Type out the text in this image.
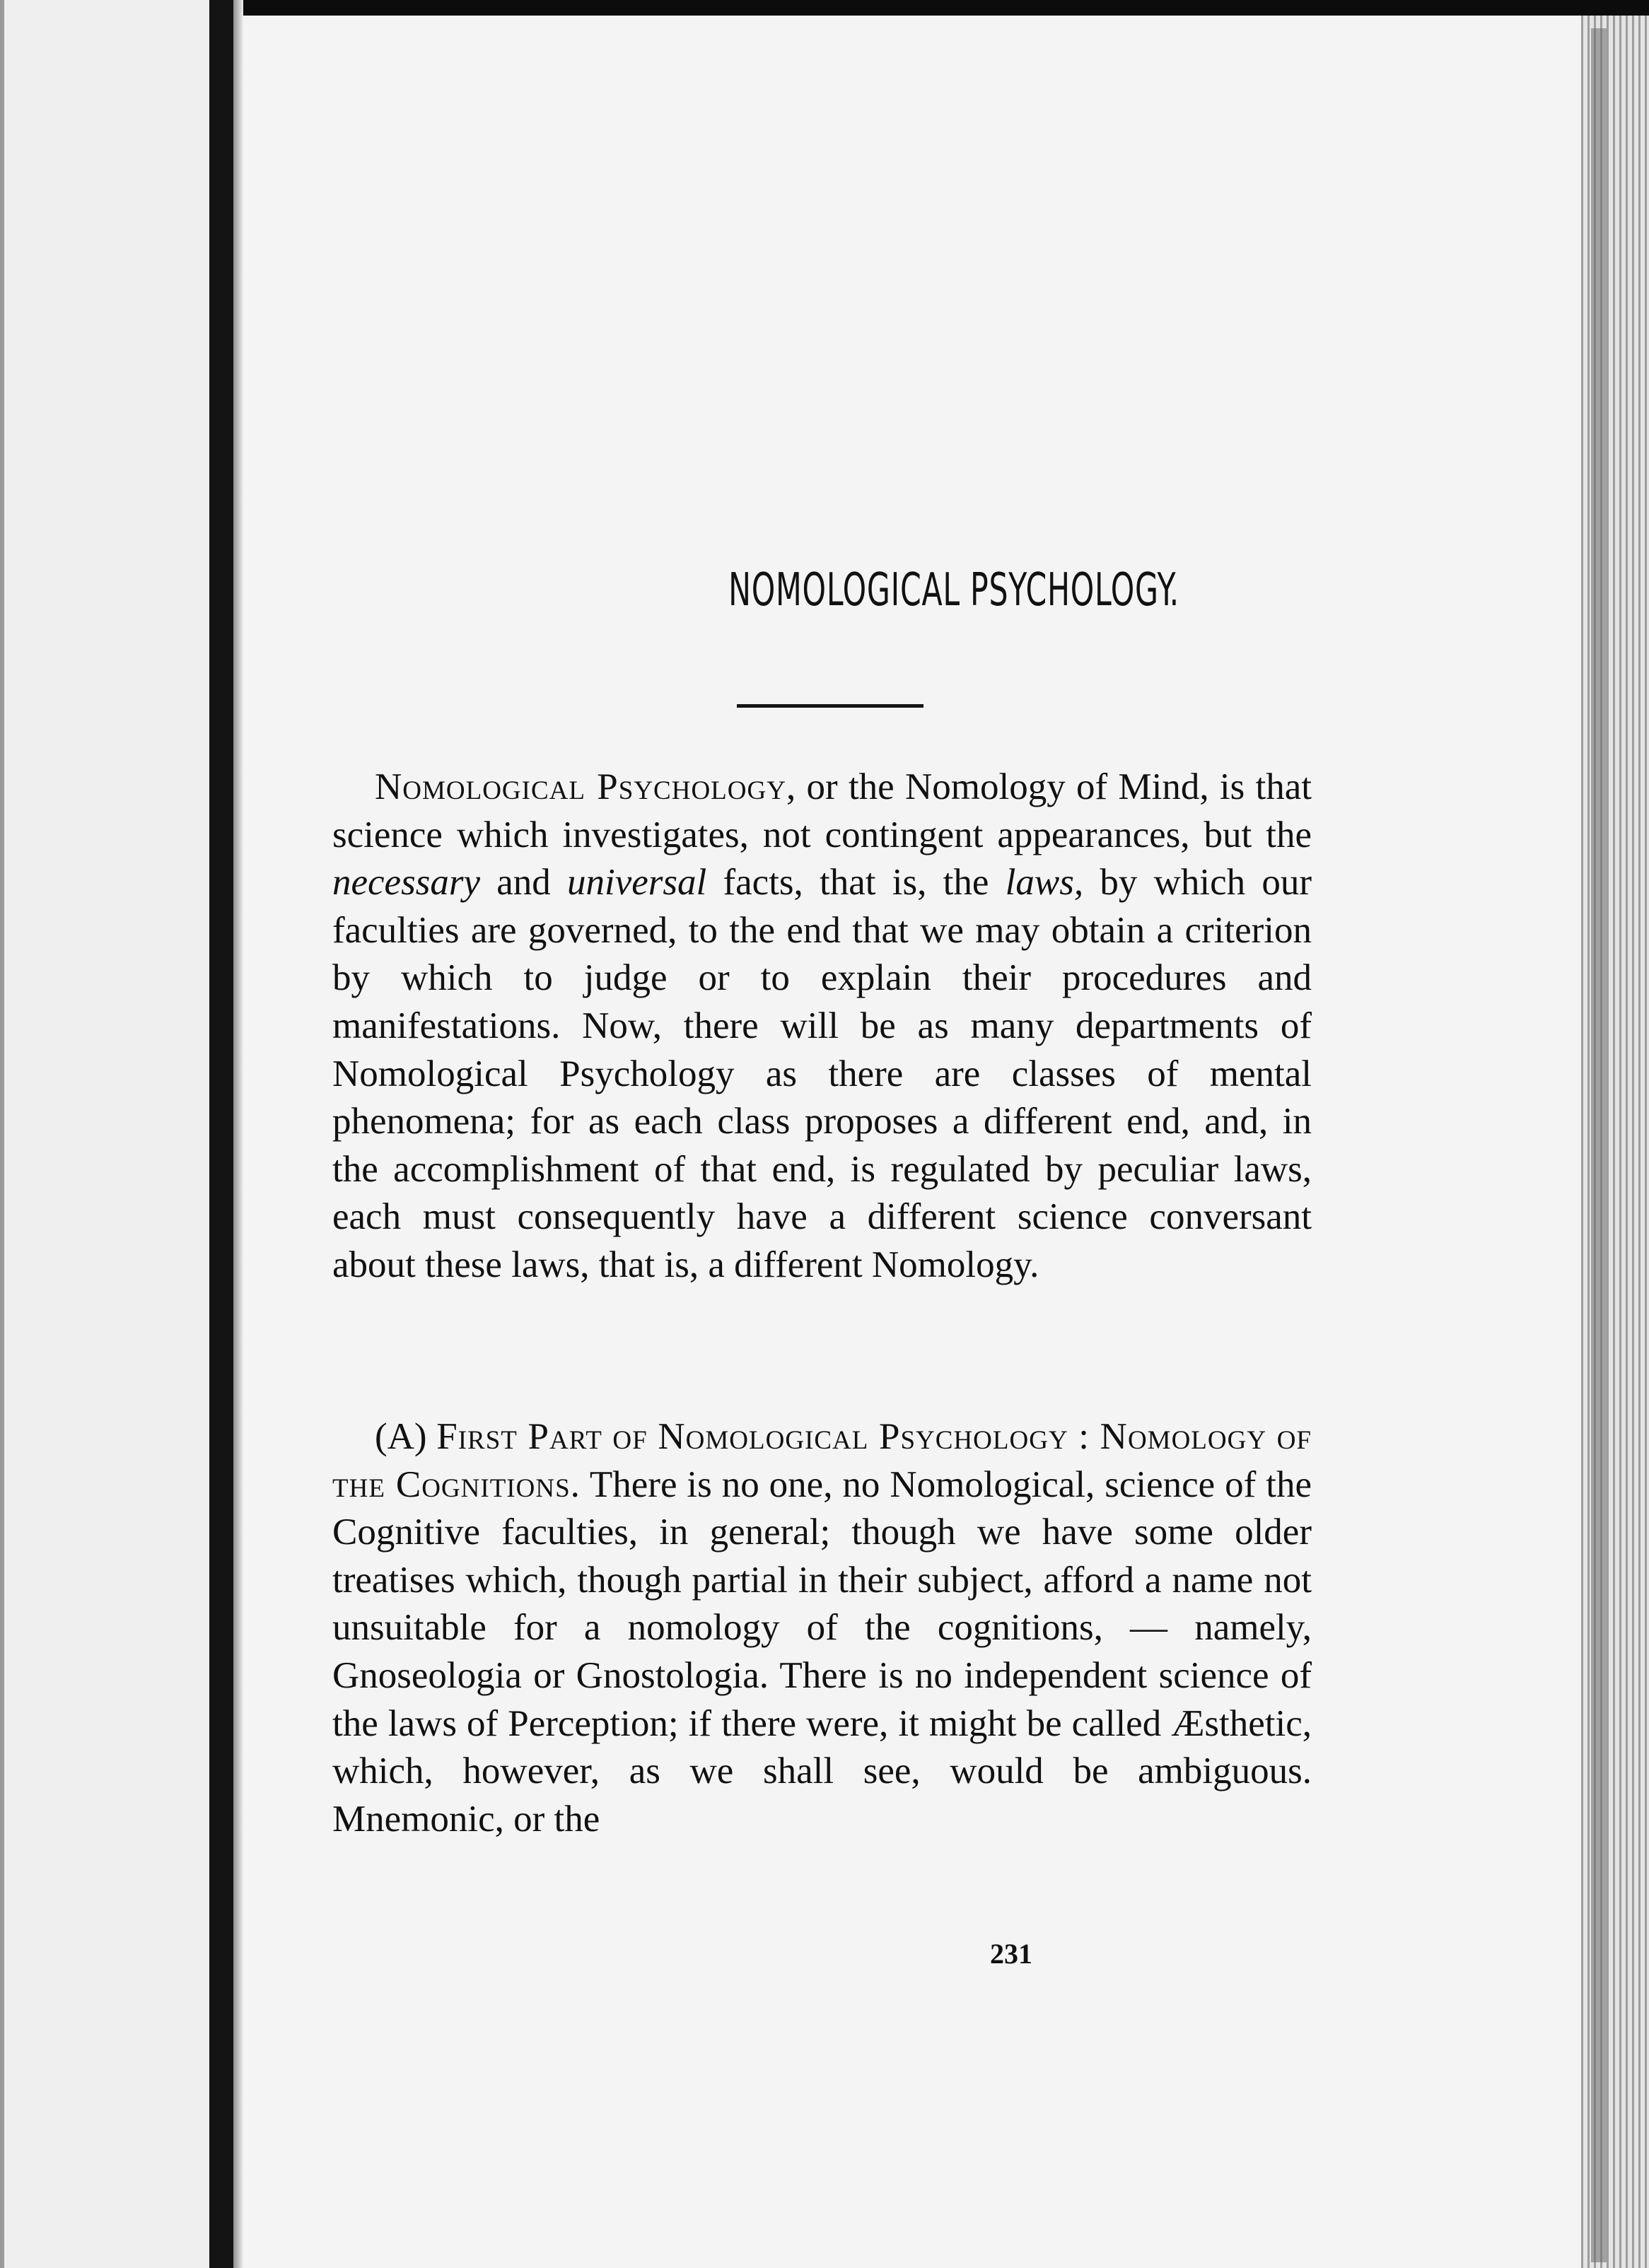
NOMOLOGICAL PSYCHOLOGY.

Nomological Psychology, or the Nomology of Mind, is that science which investigates, not contingent appearances, but the necessary and universal facts, that is, the laws, by which our faculties are governed, to the end that we may obtain a criterion by which to judge or to explain their procedures and manifestations. Now, there will be as many departments of Nomological Psychology as there are classes of mental phenomena; for as each class proposes a different end, and, in the accomplishment of that end, is regulated by peculiar laws, each must consequently have a different science conversant about these laws, that is, a different Nomology.

(A) First Part of Nomological Psychology : Nomology of the Cognitions. There is no one, no Nomological, science of the Cognitive faculties, in general; though we have some older treatises which, though partial in their subject, afford a name not unsuitable for a nomology of the cognitions, — namely, Gnoseologia or Gnostologia. There is no independent science of the laws of Perception; if there were, it might be called Æsthetic, which, however, as we shall see, would be ambiguous. Mnemonic, or the

231
